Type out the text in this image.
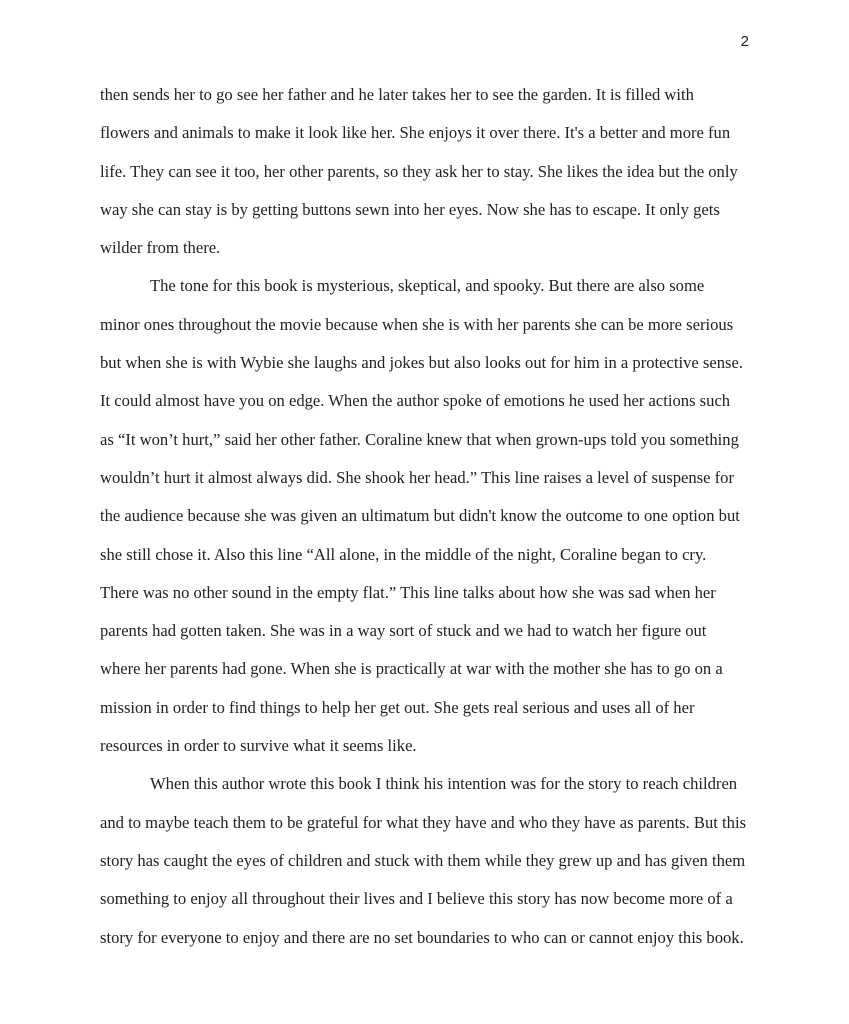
2
then sends her to go see her father and he later takes her to see the garden. It is filled with
flowers and animals to make it look like her. She enjoys it over there. It's a better and more fun
life. They can see it too, her other parents, so they ask her to stay. She likes the idea but the only
way she can stay is by getting buttons sewn into her eyes. Now she has to escape. It only gets
wilder from there.
The tone for this book is mysterious, skeptical, and spooky. But there are also some
minor ones throughout the movie because when she is with her parents she can be more serious
but when she is with Wybie she laughs and jokes but also looks out for him in a protective sense.
It could almost have you on edge. When the author spoke of emotions he used her actions such
as “It won’t hurt,” said her other father. Coraline knew that when grown-ups told you something
wouldn’t hurt it almost always did. She shook her head.” This line raises a level of suspense for
the audience because she was given an ultimatum but didn't know the outcome to one option but
she still chose it. Also this line “All alone, in the middle of the night, Coraline began to cry.
There was no other sound in the empty flat.” This line talks about how she was sad when her
parents had gotten taken. She was in a way sort of stuck and we had to watch her figure out
where her parents had gone. When she is practically at war with the mother she has to go on a
mission in order to find things to help her get out. She gets real serious and uses all of her
resources in order to survive what it seems like.
When this author wrote this book I think his intention was for the story to reach children
and to maybe teach them to be grateful for what they have and who they have as parents. But this
story has caught the eyes of children and stuck with them while they grew up and has given them
something to enjoy all throughout their lives and I believe this story has now become more of a
story for everyone to enjoy and there are no set boundaries to who can or cannot enjoy this book.
